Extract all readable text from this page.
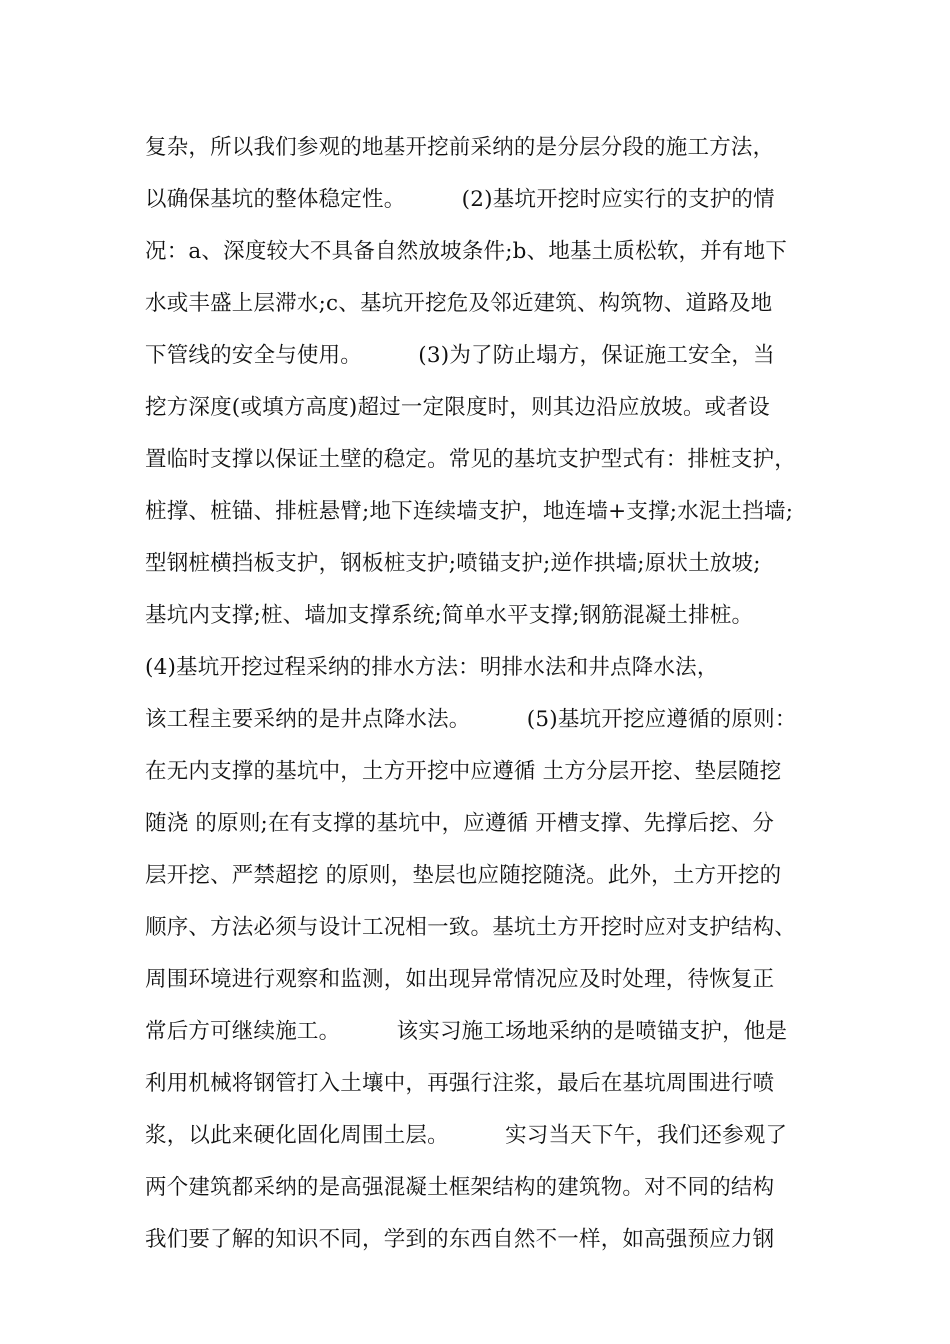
复杂，所以我们参观的地基开挖前采纳的是分层分段的施工方法，
以确保基坑的整体稳定性。        (2)基坑开挖时应实行的支护的情
况：a、深度较大不具备自然放坡条件;b、地基土质松软，并有地下
水或丰盛上层滞水;c、基坑开挖危及邻近建筑、构筑物、道路及地
下管线的安全与使用。        (3)为了防止塌方，保证施工安全，当
挖方深度(或填方高度)超过一定限度时，则其边沿应放坡。或者设
置临时支撑以保证土壁的稳定。常见的基坑支护型式有：排桩支护，
桩撑、桩锚、排桩悬臂;地下连续墙支护，地连墙+支撑;水泥土挡墙;
型钢桩横挡板支护，钢板桩支护;喷锚支护;逆作拱墙;原状土放坡;
基坑内支撑;桩、墙加支撑系统;简单水平支撑;钢筋混凝土排桩。
(4)基坑开挖过程采纳的排水方法：明排水法和井点降水法，
该工程主要采纳的是井点降水法。        (5)基坑开挖应遵循的原则：
在无内支撑的基坑中，土方开挖中应遵循 土方分层开挖、垫层随挖
随浇 的原则;在有支撑的基坑中，应遵循 开槽支撑、先撑后挖、分
层开挖、严禁超挖 的原则，垫层也应随挖随浇。此外，土方开挖的
顺序、方法必须与设计工况相一致。基坑土方开挖时应对支护结构、
周围环境进行观察和监测，如出现异常情况应及时处理，待恢复正
常后方可继续施工。        该实习施工场地采纳的是喷锚支护，他是
利用机械将钢管打入土壤中，再强行注浆，最后在基坑周围进行喷
浆，以此来硬化固化周围土层。        实习当天下午，我们还参观了
两个建筑都采纳的是高强混凝土框架结构的建筑物。对不同的结构
我们要了解的知识不同，学到的东西自然不一样，如高强预应力钢
